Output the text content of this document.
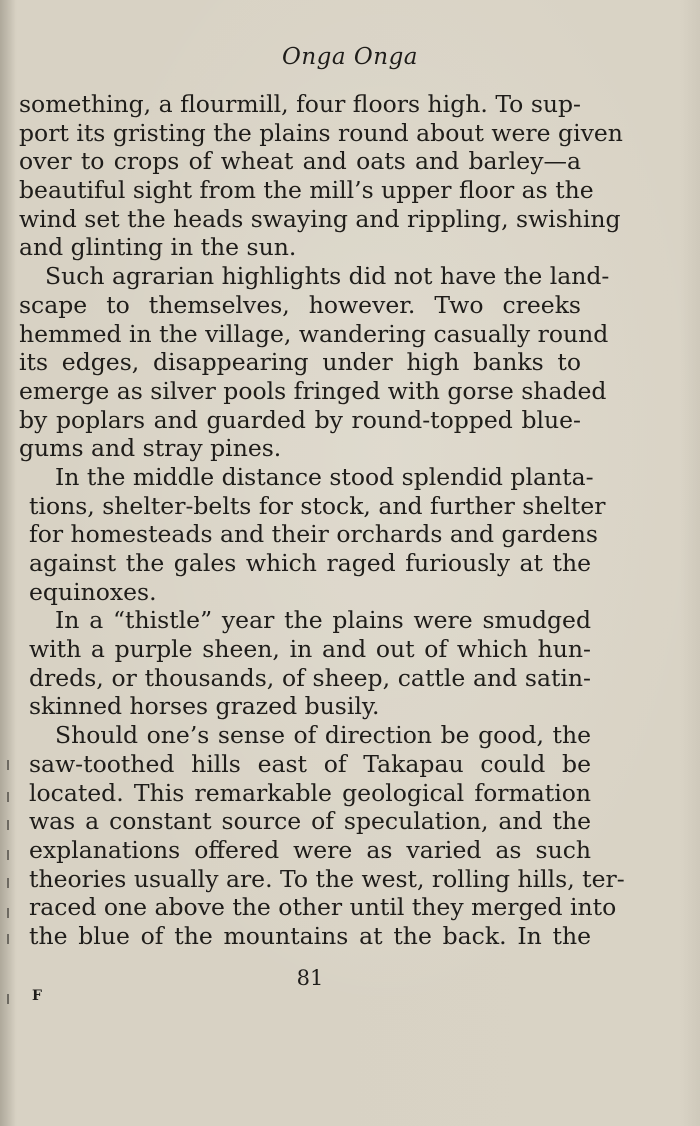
Onga Onga
something, a flourmill, four floors high. To sup-
port its gristing the plains round about were given
over to crops of wheat and oats and barley—a
beautiful sight from the mill’s upper floor as the
wind set the heads swaying and rippling, swishing
and glinting in the sun.
Such agrarian highlights did not have the land-
scape to themselves, however. Two creeks
hemmed in the village, wandering casually round
its edges, disappearing under high banks to
emerge as silver pools fringed with gorse shaded
by poplars and guarded by round-topped blue-
gums and stray pines.
In the middle distance stood splendid planta-
tions, shelter-belts for stock, and further shelter
for homesteads and their orchards and gardens
against the gales which raged furiously at the
equinoxes.
In a “thistle” year the plains were smudged
with a purple sheen, in and out of which hun-
dreds, or thousands, of sheep, cattle and satin-
skinned horses grazed busily.
Should one’s sense of direction be good, the
saw-toothed hills east of Takapau could be
located. This remarkable geological formation
was a constant source of speculation, and the
explanations offered were as varied as such
theories usually are. To the west, rolling hills, ter-
raced one above the other until they merged into
the blue of the mountains at the back. In the
81
F
